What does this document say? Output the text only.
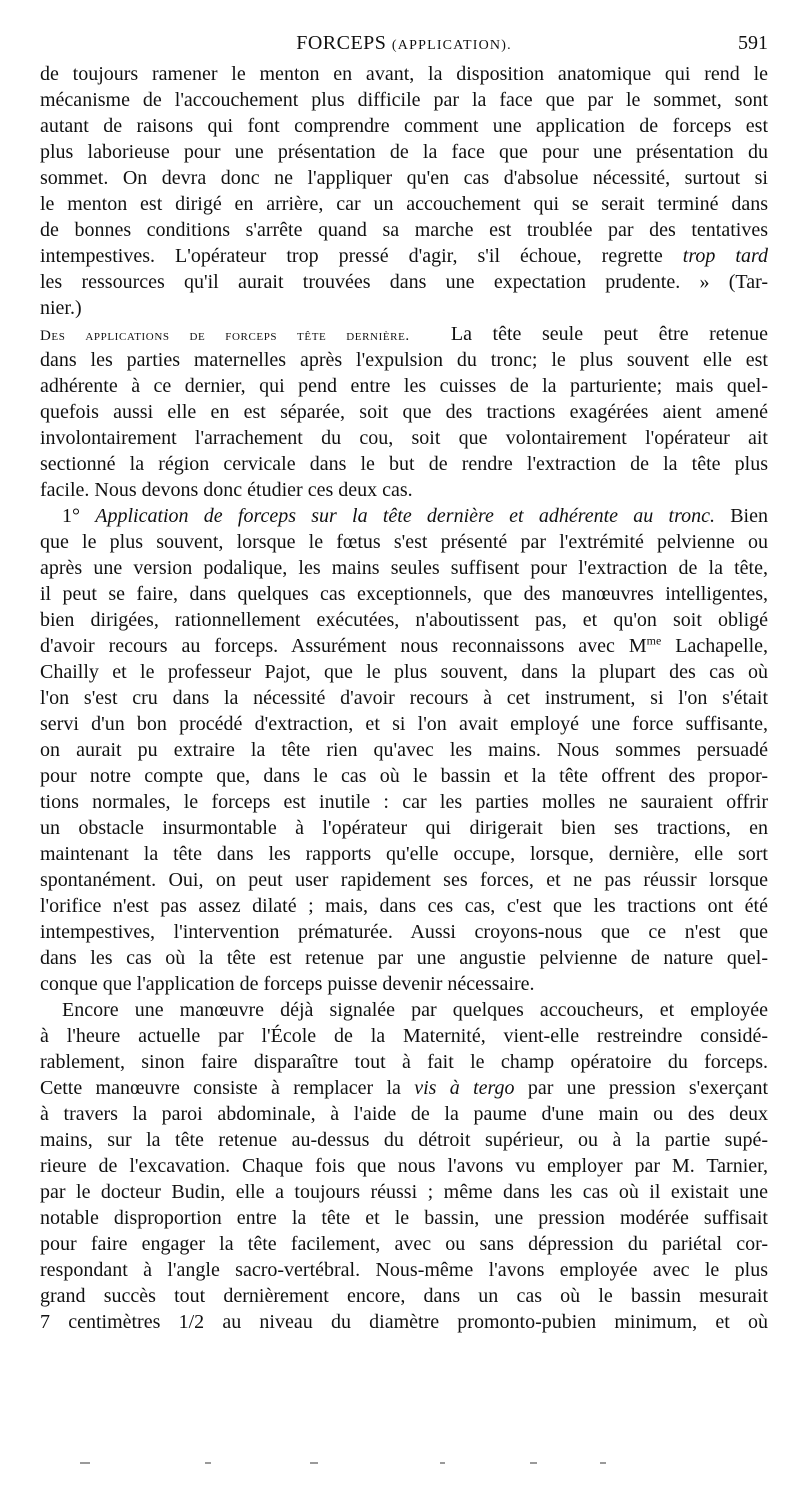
FORCEPS (APPLICATION).	591
de toujours ramener le menton en avant, la disposition anatomique qui rend le
mécanisme de l'accouchement plus difficile par la face que par le sommet, sont
autant de raisons qui font comprendre comment une application de forceps est
plus laborieuse pour une présentation de la face que pour une présentation du
sommet. On devra donc ne l'appliquer qu'en cas d'absolue nécessité, surtout si
le menton est dirigé en arrière, car un accouchement qui se serait terminé dans
de bonnes conditions s'arrête quand sa marche est troublée par des tentatives
intempestives. L'opérateur trop pressé d'agir, s'il échoue, regrette trop tard
les ressources qu'il aurait trouvées dans une expectation prudente. » (Tar-
nier.)
Des applications de forceps tête dernière. La tête seule peut être retenue
dans les parties maternelles après l'expulsion du tronc; le plus souvent elle est
adhérente à ce dernier, qui pend entre les cuisses de la parturiente; mais quel-
quefois aussi elle en est séparée, soit que des tractions exagérées aient amené
involontairement l'arrachement du cou, soit que volontairement l'opérateur ait
sectionné la région cervicale dans le but de rendre l'extraction de la tête plus
facile. Nous devons donc étudier ces deux cas.
1° Application de forceps sur la tête dernière et adhérente au tronc. Bien
que le plus souvent, lorsque le fœtus s'est présenté par l'extrémité pelvienne ou
après une version podalique, les mains seules suffisent pour l'extraction de la tête,
il peut se faire, dans quelques cas exceptionnels, que des manœuvres intelligentes,
bien dirigées, rationnellement exécutées, n'aboutissent pas, et qu'on soit obligé
d'avoir recours au forceps. Assurément nous reconnaissons avec $M^{me}$ Lachapelle,
Chailly et le professeur Pajot, que le plus souvent, dans la plupart des cas où
l'on s'est cru dans la nécessité d'avoir recours à cet instrument, si l'on s'était
servi d'un bon procédé d'extraction, et si l'on avait employé une force suffisante,
on aurait pu extraire la tête rien qu'avec les mains. Nous sommes persuadé
pour notre compte que, dans le cas où le bassin et la tête offrent des propor-
tions normales, le forceps est inutile : car les parties molles ne sauraient offrir
un obstacle insurmontable à l'opérateur qui dirigerait bien ses tractions, en
maintenant la tête dans les rapports qu'elle occupe, lorsque, dernière, elle sort
spontanément. Oui, on peut user rapidement ses forces, et ne pas réussir lorsque
l'orifice n'est pas assez dilaté ; mais, dans ces cas, c'est que les tractions ont été
intempestives, l'intervention prématurée. Aussi croyons-nous que ce n'est que
dans les cas où la tête est retenue par une angustie pelvienne de nature quel-
conque que l'application de forceps puisse devenir nécessaire.
Encore une manœuvre déjà signalée par quelques accoucheurs, et employée
à l'heure actuelle par l'École de la Maternité, vient-elle restreindre considé-
rablement, sinon faire disparaître tout à fait le champ opératoire du forceps.
Cette manœuvre consiste à remplacer la vis à tergo par une pression s'exerçant
à travers la paroi abdominale, à l'aide de la paume d'une main ou des deux
mains, sur la tête retenue au-dessus du détroit supérieur, ou à la partie supé-
rieure de l'excavation. Chaque fois que nous l'avons vu employer par M. Tarnier,
par le docteur Budin, elle a toujours réussi ; même dans les cas où il existait une
notable disproportion entre la tête et le bassin, une pression modérée suffisait
pour faire engager la tête facilement, avec ou sans dépression du pariétal cor-
respondant à l'angle sacro-vertébral. Nous-même l'avons employée avec le plus
grand succès tout dernièrement encore, dans un cas où le bassin mesurait
7 centimètres 1/2 au niveau du diamètre promonto-pubien minimum, et où
